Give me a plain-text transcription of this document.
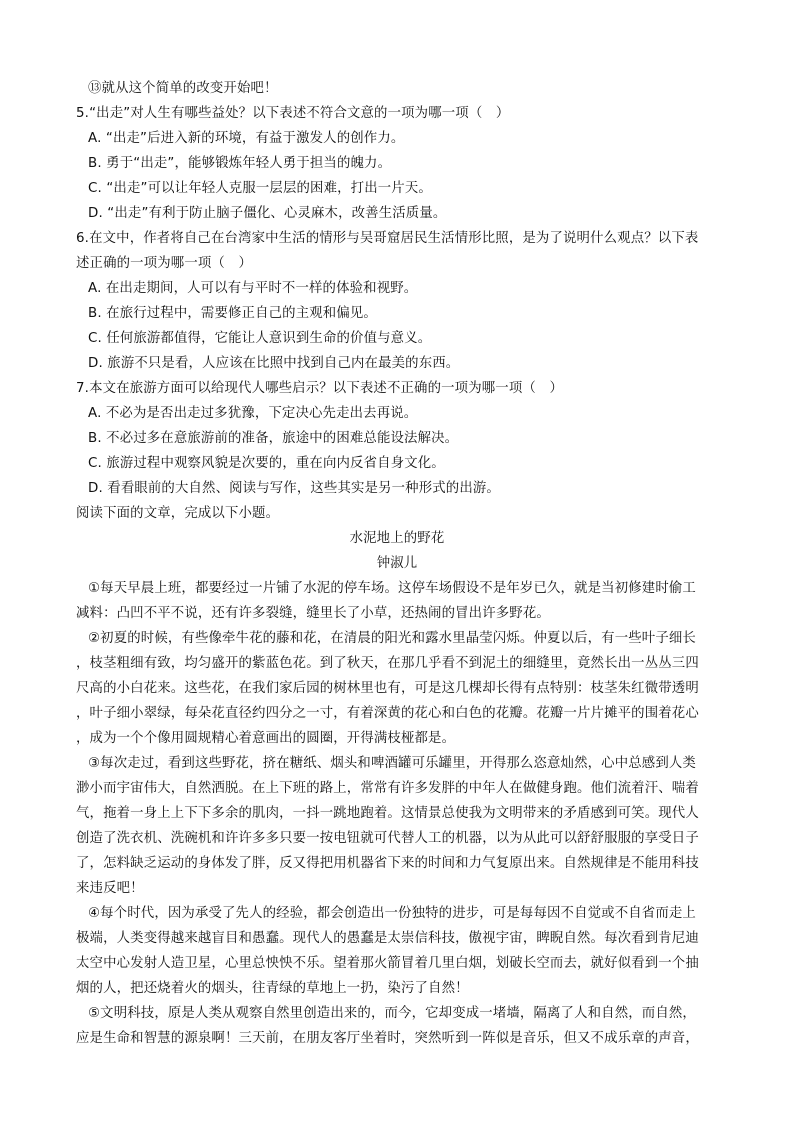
⑬就从这个简单的改变开始吧！
5.“出走”对人生有哪些益处？以下表述不符合文意的一项为哪一项（　）
A. “出走”后进入新的环境，有益于激发人的创作力。
B. 勇于“出走”，能够锻炼年轻人勇于担当的魄力。
C. “出走”可以让年轻人克服一层层的困难，打出一片天。
D. “出走”有利于防止脑子僵化、心灵麻木，改善生活质量。
6.在文中，作者将自己在台湾家中生活的情形与吴哥窟居民生活情形比照，是为了说明什么观点？以下表
述正确的一项为哪一项（　）
A. 在出走期间，人可以有与平时不一样的体验和视野。
B. 在旅行过程中，需要修正自己的主观和偏见。
C. 任何旅游都值得，它能让人意识到生命的价值与意义。
D. 旅游不只是看，人应该在比照中找到自己内在最美的东西。
7.本文在旅游方面可以给现代人哪些启示？以下表述不正确的一项为哪一项（　）
A. 不必为是否出走过多犹豫，下定决心先走出去再说。
B. 不必过多在意旅游前的准备，旅途中的困难总能设法解决。
C. 旅游过程中观察风貌是次要的，重在向内反省自身文化。
D. 看看眼前的大自然、阅读与写作，这些其实是另一种形式的出游。
阅读下面的文章，完成以下小题。
水泥地上的野花
钟淑儿
①每天早晨上班，都要经过一片铺了水泥的停车场。这停车场假设不是年岁已久，就是当初修建时偷工
减料：凸凹不平不说，还有许多裂缝，缝里长了小草，还热闹的冒出许多野花。
②初夏的时候，有些像牵牛花的藤和花，在清晨的阳光和露水里晶莹闪烁。仲夏以后，有一些叶子细长
，枝茎粗细有致，均匀盛开的紫蓝色花。到了秋天，在那几乎看不到泥土的细缝里，竟然长出一丛丛三四
尺高的小白花来。这些花，在我们家后园的树林里也有，可是这几棵却长得有点特别：枝茎朱红微带透明
，叶子细小翠绿，每朵花直径约四分之一寸，有着深黄的花心和白色的花瓣。花瓣一片片摊平的围着花心
，成为一个个像用圆规精心着意画出的圆圈，开得满枝桠都是。
③每次走过，看到这些野花，挤在糖纸、烟头和啤酒罐可乐罐里，开得那么恣意灿然，心中总感到人类
渺小而宇宙伟大，自然洒脱。在上下班的路上，常常有许多发胖的中年人在做健身跑。他们流着汗、喘着
气，拖着一身上上下下多余的肌肉，一抖一跳地跑着。这情景总使我为文明带来的矛盾感到可笑。现代人
创造了洗衣机、洗碗机和许许多多只要一按电钮就可代替人工的机器，以为从此可以舒舒服服的享受日子
了，怎料缺乏运动的身体发了胖，反又得把用机器省下来的时间和力气复原出来。自然规律是不能用科技
来违反吧！
④每个时代，因为承受了先人的经验，都会创造出一份独特的进步，可是每每因不自觉或不自省而走上
极端，人类变得越来越盲目和愚蠢。现代人的愚蠢是太崇信科技，傲视宇宙，睥睨自然。每次看到肯尼迪
太空中心发射人造卫星，心里总怏怏不乐。望着那火箭冒着几里白烟，划破长空而去，就好似看到一个抽
烟的人，把还烧着火的烟头，往青绿的草地上一扔，染污了自然！
⑤文明科技，原是人类从观察自然里创造出来的，而今，它却变成一堵墙，隔离了人和自然，而自然，
应是生命和智慧的源泉啊！三天前，在朋友客厅坐着时，突然听到一阵似是音乐，但又不成乐章的声音，
